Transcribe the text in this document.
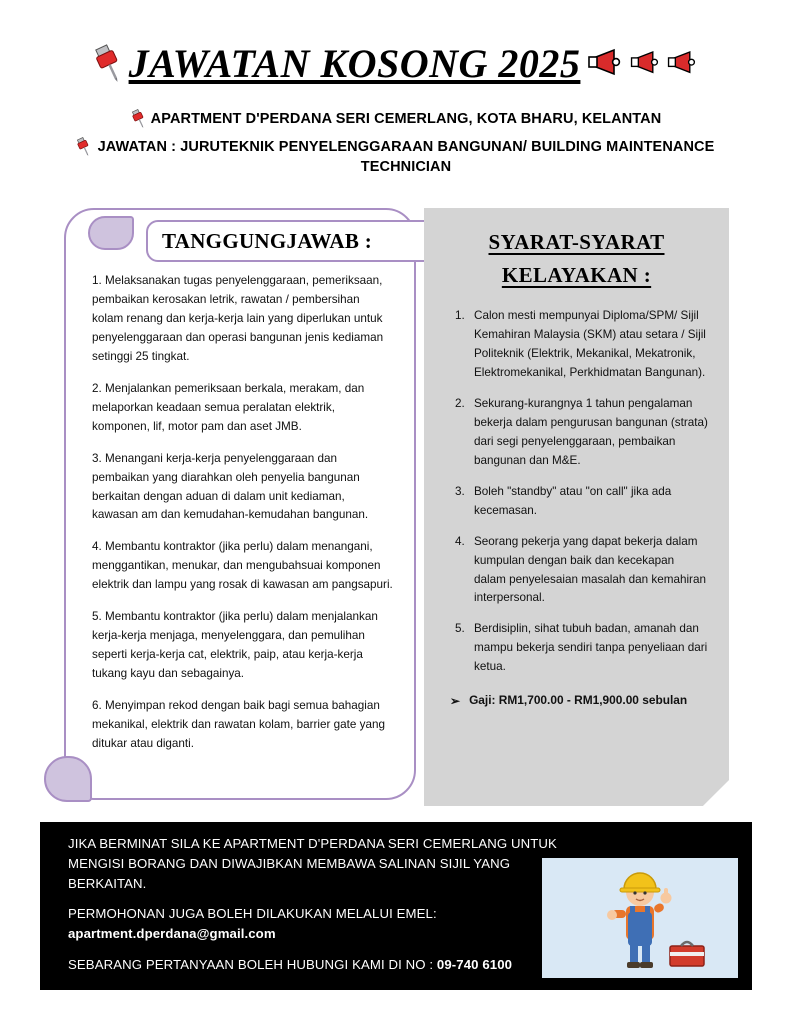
JAWATAN KOSONG 2025
APARTMENT D'PERDANA SERI CEMERLANG, KOTA BHARU, KELANTAN
JAWATAN : JURUTEKNIK PENYELENGGARAAN BANGUNAN/ BUILDING MAINTENANCE TECHNICIAN
TANGGUNGJAWAB :

1. Melaksanakan tugas penyelenggaraan, pemeriksaan, pembaikan kerosakan letrik, rawatan / pembersihan kolam renang dan kerja-kerja lain yang diperlukan untuk penyelenggaraan dan operasi bangunan jenis kediaman setinggi 25 tingkat.

2. Menjalankan pemeriksaan berkala, merakam, dan melaporkan keadaan semua peralatan elektrik, komponen, lif, motor pam dan aset JMB.

3. Menangani kerja-kerja penyelenggaraan dan pembaikan yang diarahkan oleh penyelia bangunan berkaitan dengan aduan di dalam unit kediaman, kawasan am dan kemudahan-kemudahan bangunan.

4. Membantu kontraktor (jika perlu) dalam menangani, menggantikan, menukar, dan mengubahsuai komponen elektrik dan lampu yang rosak di kawasan am pangsapuri.

5. Membantu kontraktor (jika perlu) dalam menjalankan kerja-kerja menjaga, menyelenggara, dan pemulihan seperti kerja-kerja cat, elektrik, paip, atau kerja-kerja tukang kayu dan sebagainya.

6. Menyimpan rekod dengan baik bagi semua bahagian mekanikal, elektrik dan rawatan kolam, barrier gate yang ditukar atau diganti.

SYARAT-SYARAT
KELAYAKAN :
1. Calon mesti mempunyai Diploma/SPM/ Sijil Kemahiran Malaysia (SKM) atau setara / Sijil Politeknik (Elektrik, Mekanikal, Mekatronik, Elektromekanikal, Perkhidmatan Bangunan).
2. Sekurang-kurangnya 1 tahun pengalaman bekerja dalam pengurusan bangunan (strata) dari segi penyelenggaraan, pembaikan bangunan dan M&E.
3. Boleh "standby" atau "on call" jika ada kecemasan.
4. Seorang pekerja yang dapat bekerja dalam kumpulan dengan baik dan kecekapan dalam penyelesaian masalah dan kemahiran interpersonal.
5. Berdisiplin, sihat tubuh badan, amanah dan mampu bekerja sendiri tanpa penyeliaan dari ketua.
➢ Gaji: RM1,700.00 - RM1,900.00 sebulan
JIKA BERMINAT SILA KE APARTMENT D'PERDANA SERI CEMERLANG UNTUK MENGISI BORANG DAN DIWAJIBKAN MEMBAWA SALINAN SIJIL YANG BERKAITAN.
PERMOHONAN JUGA BOLEH DILAKUKAN MELALUI EMEL:
apartment.dperdana@gmail.com
SEBARANG PERTANYAAN BOLEH HUBUNGI KAMI DI NO : 09-740 6100
